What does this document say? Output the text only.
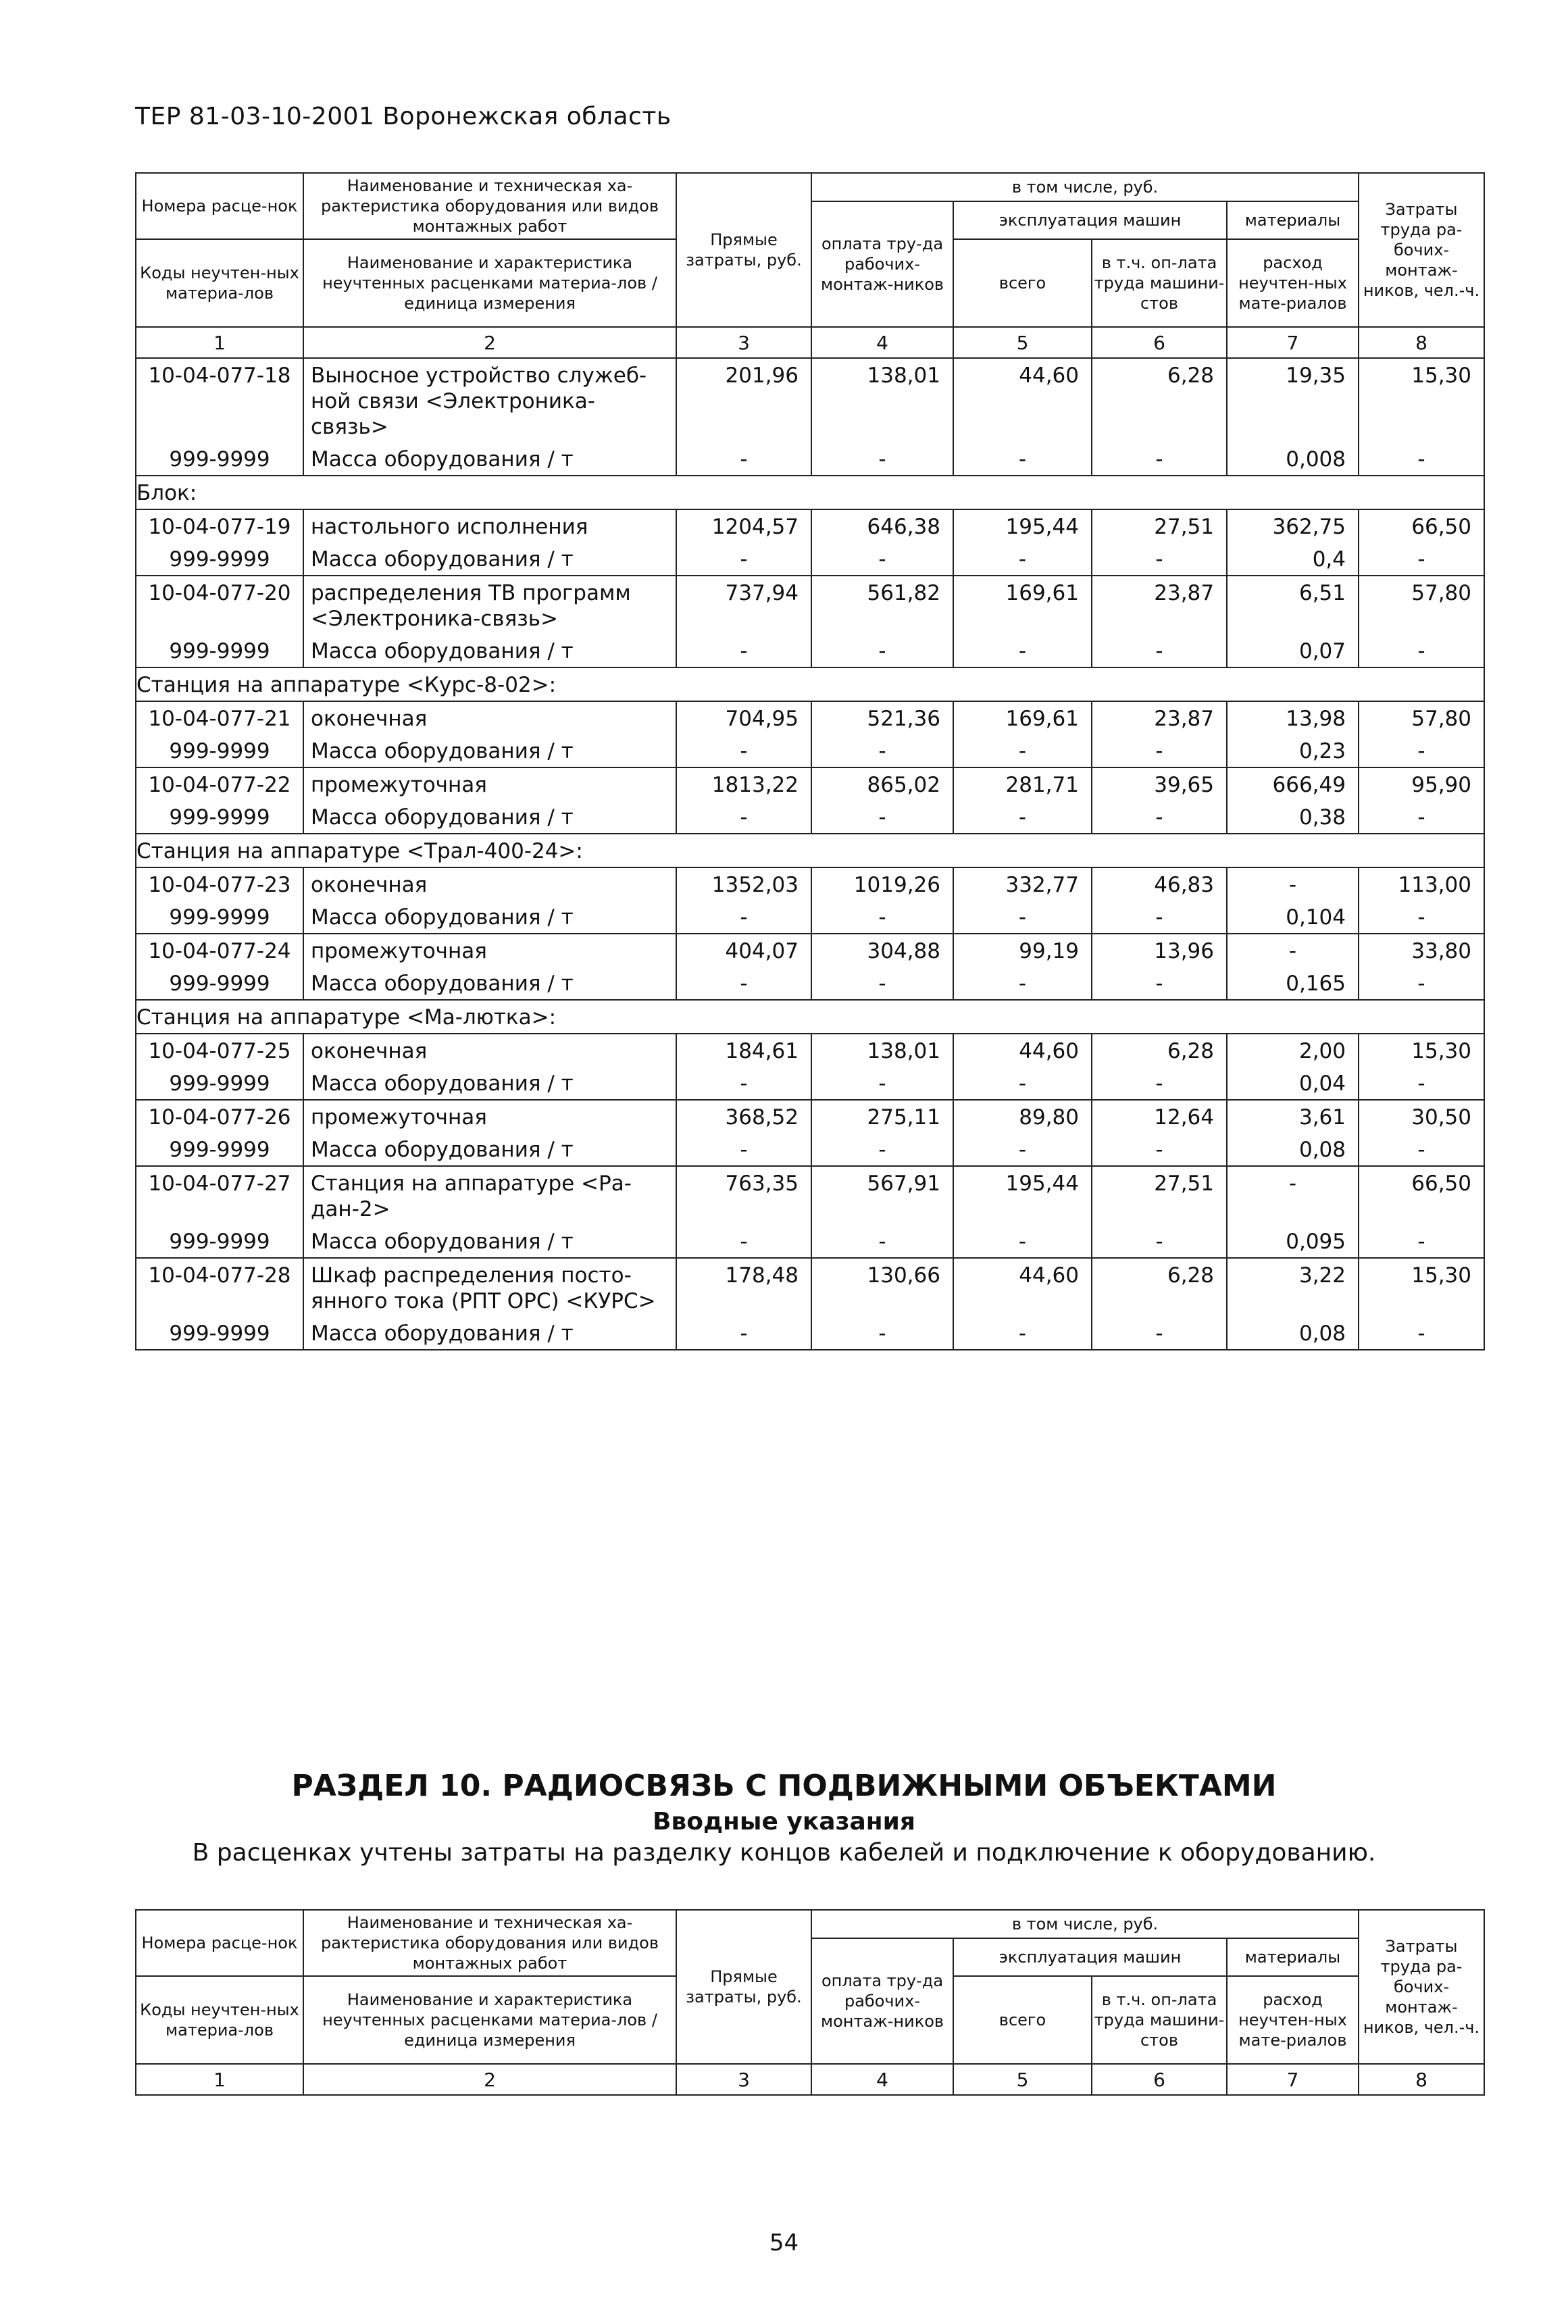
ТЕР 81-03-10-2001 Воронежская область
Номера расце-нок	Наименование и техническая ха-рактеристика оборудования или видов монтажных работ	Прямые затраты, руб.	в том числе, руб.				Затраты труда ра-бочих-монтаж-ников, чел.-ч.
			оплата тру-да рабочих-монтаж-ников	эксплуатация машин		материалы	
Коды неучтен-ных материа-лов	Наименование и характеристика неучтенных расценками материа-лов / единица измерения			всего	в т.ч. оп-лата труда машини-стов	расход неучтен-ных мате-риалов	

1	2	3	4	5	6	7	8
10-04-077-18	Выносное устройство служеб-ной связи <Электроника-связь>	201,96	138,01	44,60	6,28	19,35	15,30
999-9999	Масса оборудования / т	-	-	-	-	0,008	-
Блок:							
10-04-077-19	настольного исполнения	1204,57	646,38	195,44	27,51	362,75	66,50
999-9999	Масса оборудования / т	-	-	-	-	0,4	-
10-04-077-20	распределения ТВ программ <Электроника-связь>	737,94	561,82	169,61	23,87	6,51	57,80
999-9999	Масса оборудования / т	-	-	-	-	0,07	-
Станция на аппаратуре <Курс-8-02>:							
10-04-077-21	оконечная	704,95	521,36	169,61	23,87	13,98	57,80
999-9999	Масса оборудования / т	-	-	-	-	0,23	-
10-04-077-22	промежуточная	1813,22	865,02	281,71	39,65	666,49	95,90
999-9999	Масса оборудования / т	-	-	-	-	0,38	-
Станция на аппаратуре <Трал-400-24>:							
10-04-077-23	оконечная	1352,03	1019,26	332,77	46,83	-	113,00
999-9999	Масса оборудования / т	-	-	-	-	0,104	-
10-04-077-24	промежуточная	404,07	304,88	99,19	13,96	-	33,80
999-9999	Масса оборудования / т	-	-	-	-	0,165	-
Станция на аппаратуре <Ма-лютка>:							
10-04-077-25	оконечная	184,61	138,01	44,60	6,28	2,00	15,30
999-9999	Масса оборудования / т	-	-	-	-	0,04	-
10-04-077-26	промежуточная	368,52	275,11	89,80	12,64	3,61	30,50
999-9999	Масса оборудования / т	-	-	-	-	0,08	-
10-04-077-27	Станция на аппаратуре <Ра-дан-2>	763,35	567,91	195,44	27,51	-	66,50
999-9999	Масса оборудования / т	-	-	-	-	0,095	-
10-04-077-28	Шкаф распределения посто-янного тока (РПТ ОРС) <КУРС>	178,48	130,66	44,60	6,28	3,22	15,30
999-9999	Масса оборудования / т	-	-	-	-	0,08	-
РАЗДЕЛ 10. РАДИОСВЯЗЬ С ПОДВИЖНЫМИ ОБЪЕКТАМИ
Вводные указания
В расценках учтены затраты на разделку концов кабелей и подключение к оборудованию.
Номера расце-нок	Наименование и техническая ха-рактеристика оборудования или видов монтажных работ	Прямые затраты, руб.	в том числе, руб.				Затраты труда ра-бочих-монтаж-ников, чел.-ч.
			оплата тру-да рабочих-монтаж-ников	эксплуатация машин		материалы	
Коды неучтен-ных материа-лов	Наименование и характеристика неучтенных расценками материа-лов / единица измерения			всего	в т.ч. оп-лата труда машини-стов	расход неучтен-ных мате-риалов	

1	2	3	4	5	6	7	8
54
